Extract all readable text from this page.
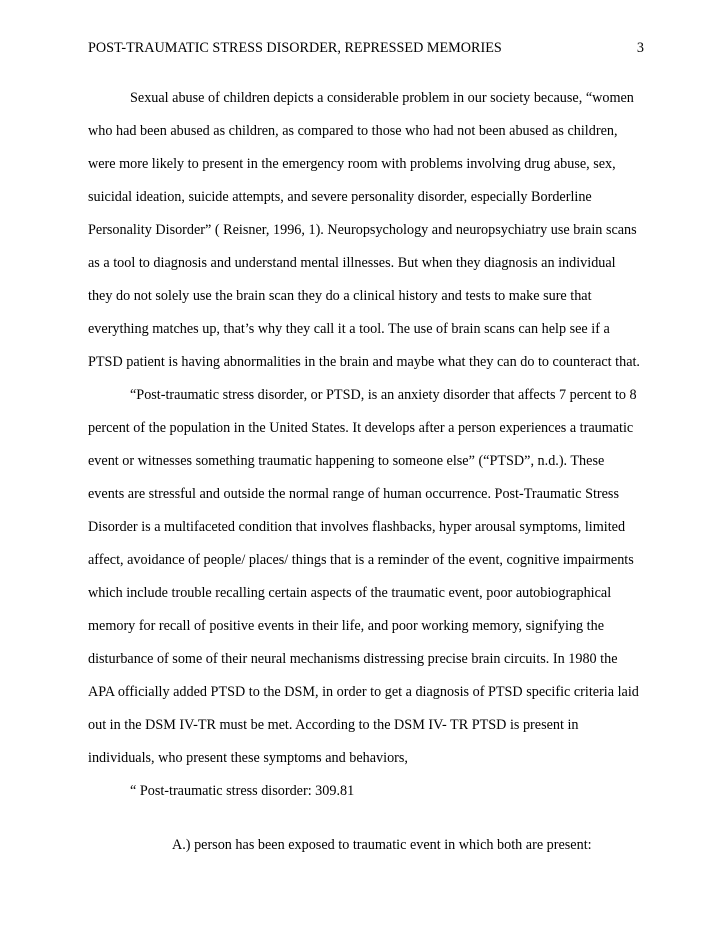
POST-TRAUMATIC STRESS DISORDER, REPRESSED MEMORIES	3
Sexual abuse of children depicts a considerable problem in our society because, “women
who had been abused as children, as compared to those who had not been abused as children,
were more likely to present in the emergency room with problems involving drug abuse, sex,
suicidal ideation, suicide attempts, and severe personality disorder, especially Borderline
Personality Disorder” ( Reisner, 1996, 1). Neuropsychology and neuropsychiatry use brain scans
as a tool to diagnosis and understand mental illnesses. But when they diagnosis an individual
they do not solely use the brain scan they do a clinical history and tests to make sure that
everything matches up, that’s why they call it a tool. The use of brain scans can help see if a
PTSD patient is having abnormalities in the brain and maybe what they can do to counteract that.
“Post-traumatic stress disorder, or PTSD, is an anxiety disorder that affects 7 percent to 8
percent of the population in the United States. It develops after a person experiences a traumatic
event or witnesses something traumatic happening to someone else” (“PTSD”, n.d.). These
events are stressful and outside the normal range of human occurrence. Post-Traumatic Stress
Disorder is a multifaceted condition that involves flashbacks, hyper arousal symptoms, limited
affect, avoidance of people/ places/ things that is a reminder of the event, cognitive impairments
which include trouble recalling certain aspects of the traumatic event, poor autobiographical
memory for recall of positive events in their life, and poor working memory, signifying the
disturbance of some of their neural mechanisms distressing precise brain circuits. In 1980 the
APA officially added PTSD to the DSM, in order to get a diagnosis of PTSD specific criteria laid
out in the DSM IV-TR must be met. According to the DSM IV- TR PTSD is present in
individuals, who present these symptoms and behaviors,
“ Post-traumatic stress disorder: 309.81
A.) person has been exposed to traumatic event in which both are present:
